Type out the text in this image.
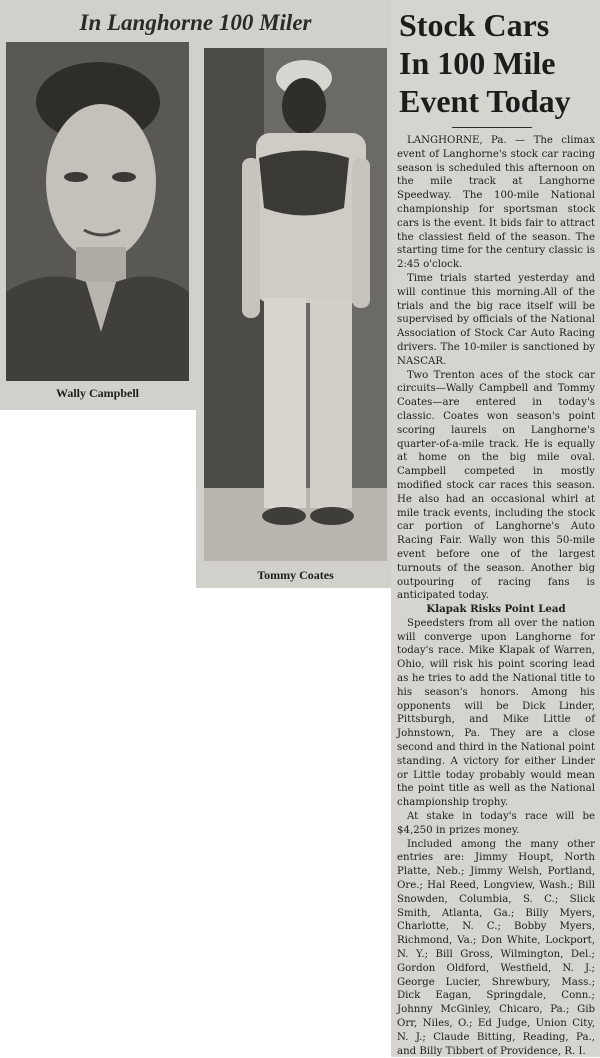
In Langhorne 100 Miler
Wally Campbell
Tommy Coates
Stock Cars
In 100 Mile
Event Today

LANGHORNE, Pa. — The climax event of Langhorne's stock car racing season is scheduled this afternoon on the mile track at Langhorne Speedway. The 100-mile National championship for sportsman stock cars is the event. It bids fair to attract the classiest field of the season. The starting time for the century classic is 2:45 o'clock.

Time trials started yesterday and will continue this morning.All of the trials and the big race itself will be supervised by officials of the National Association of Stock Car Auto Racing drivers. The 10-miler is sanctioned by NASCAR.

Two Trenton aces of the stock car circuits—Wally Campbell and Tommy Coates—are entered in today's classic. Coates won season's point scoring laurels on Langhorne's quarter-of-a-mile track. He is equally at home on the big mile oval. Campbell competed in mostly modified stock car races this season. He also had an occasional whirl at mile track events, including the stock car portion of Langhorne's Auto Racing Fair. Wally won this 50-mile event before one of the largest turnouts of the season. Another big outpouring of racing fans is anticipated today.

Klapak Risks Point Lead

Speedsters from all over the nation will converge upon Langhorne for today's race. Mike Klapak of Warren, Ohio, will risk his point scoring lead as he tries to add the National title to his season's honors. Among his opponents will be Dick Linder, Pittsburgh, and Mike Little of Johnstown, Pa. They are a close second and third in the National point standing. A victory for either Linder or Little today probably would mean the point title as well as the National championship trophy.

At stake in today's race will be $4,250 in prizes money.

Included among the many other entries are: Jimmy Houpt, North Platte, Neb.; Jimmy Welsh, Portland, Ore.; Hal Reed, Longview, Wash.; Bill Snowden, Columbia, S. C.; Slick Smith, Atlanta, Ga.; Billy Myers, Charlotte, N. C.; Bobby Myers, Richmond, Va.; Don White, Lockport, N. Y.; Bill Gross, Wilmington, Del.; Gordon Oldford, Westfield, N. J.; George Lucier, Shrewbury, Mass.; Dick Eagan, Springdale, Conn.; Johnny McGinley, Chicaro, Pa.; Gib Orr, Niles, O.; Ed Judge, Union City, N. J.; Claude Bitting, Reading, Pa., and Billy Tibbert of Providence, R. I.
